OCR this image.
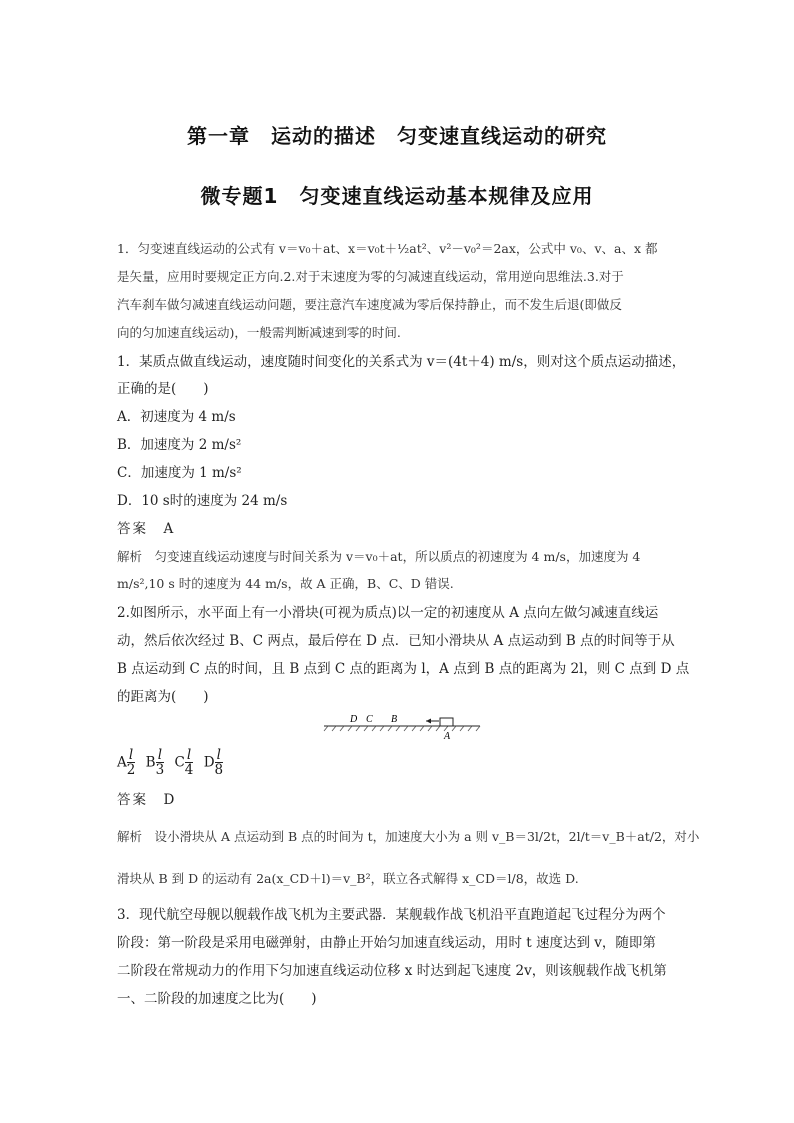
第一章　运动的描述　匀变速直线运动的研究
微专题1　匀变速直线运动基本规律及应用
1．匀变速直线运动的公式有 v＝v₀＋at、x＝v₀t＋½at²、v²－v₀²＝2ax，公式中 v₀、v、a、x 都
是矢量，应用时要规定正方向.2.对于末速度为零的匀减速直线运动，常用逆向思维法.3.对于
汽车刹车做匀减速直线运动问题，要注意汽车速度减为零后保持静止，而不发生后退(即做反
向的匀加速直线运动)，一般需判断减速到零的时间.
1．某质点做直线运动，速度随时间变化的关系式为 v＝(4t＋4) m/s，则对这个质点运动描述，
正确的是(　　)
A．初速度为 4 m/s
B．加速度为 2 m/s²
C．加速度为 1 m/s²
D．10 s时的速度为 24 m/s
答案　A
解析　匀变速直线运动速度与时间关系为 v＝v₀＋at，所以质点的初速度为 4 m/s，加速度为 4
m/s²,10 s 时的速度为 44 m/s，故 A 正确，B、C、D 错误.
2.如图所示，水平面上有一小滑块(可视为质点)以一定的初速度从 A 点向左做匀减速直线运
动，然后依次经过 B、C 两点，最后停在 D 点．已知小滑块从 A 点运动到 B 点的时间等于从
B 点运动到 C 点的时间，且 B 点到 C 点的距离为 l，A 点到 B 点的距离为 2l，则 C 点到 D 点
的距离为(　　)
D C B
A
A $\frac{l}{2}$ B $\frac{l}{3}$ C $\frac{l}{4}$ D $\frac{l}{8}$
答案　D
解析　设小滑块从 A 点运动到 B 点的时间为 t，加速度大小为 a 则 v_B＝3l/2t，2l/t＝v_B＋at/2，对小
滑块从 B 到 D 的运动有 2a(x_CD＋l)＝v_B²，联立各式解得 x_CD＝l/8，故选 D.
3．现代航空母舰以舰载作战飞机为主要武器．某舰载作战飞机沿平直跑道起飞过程分为两个
阶段：第一阶段是采用电磁弹射，由静止开始匀加速直线运动，用时 t 速度达到 v，随即第
二阶段在常规动力的作用下匀加速直线运动位移 x 时达到起飞速度 2v，则该舰载作战飞机第
一、二阶段的加速度之比为(　　)
